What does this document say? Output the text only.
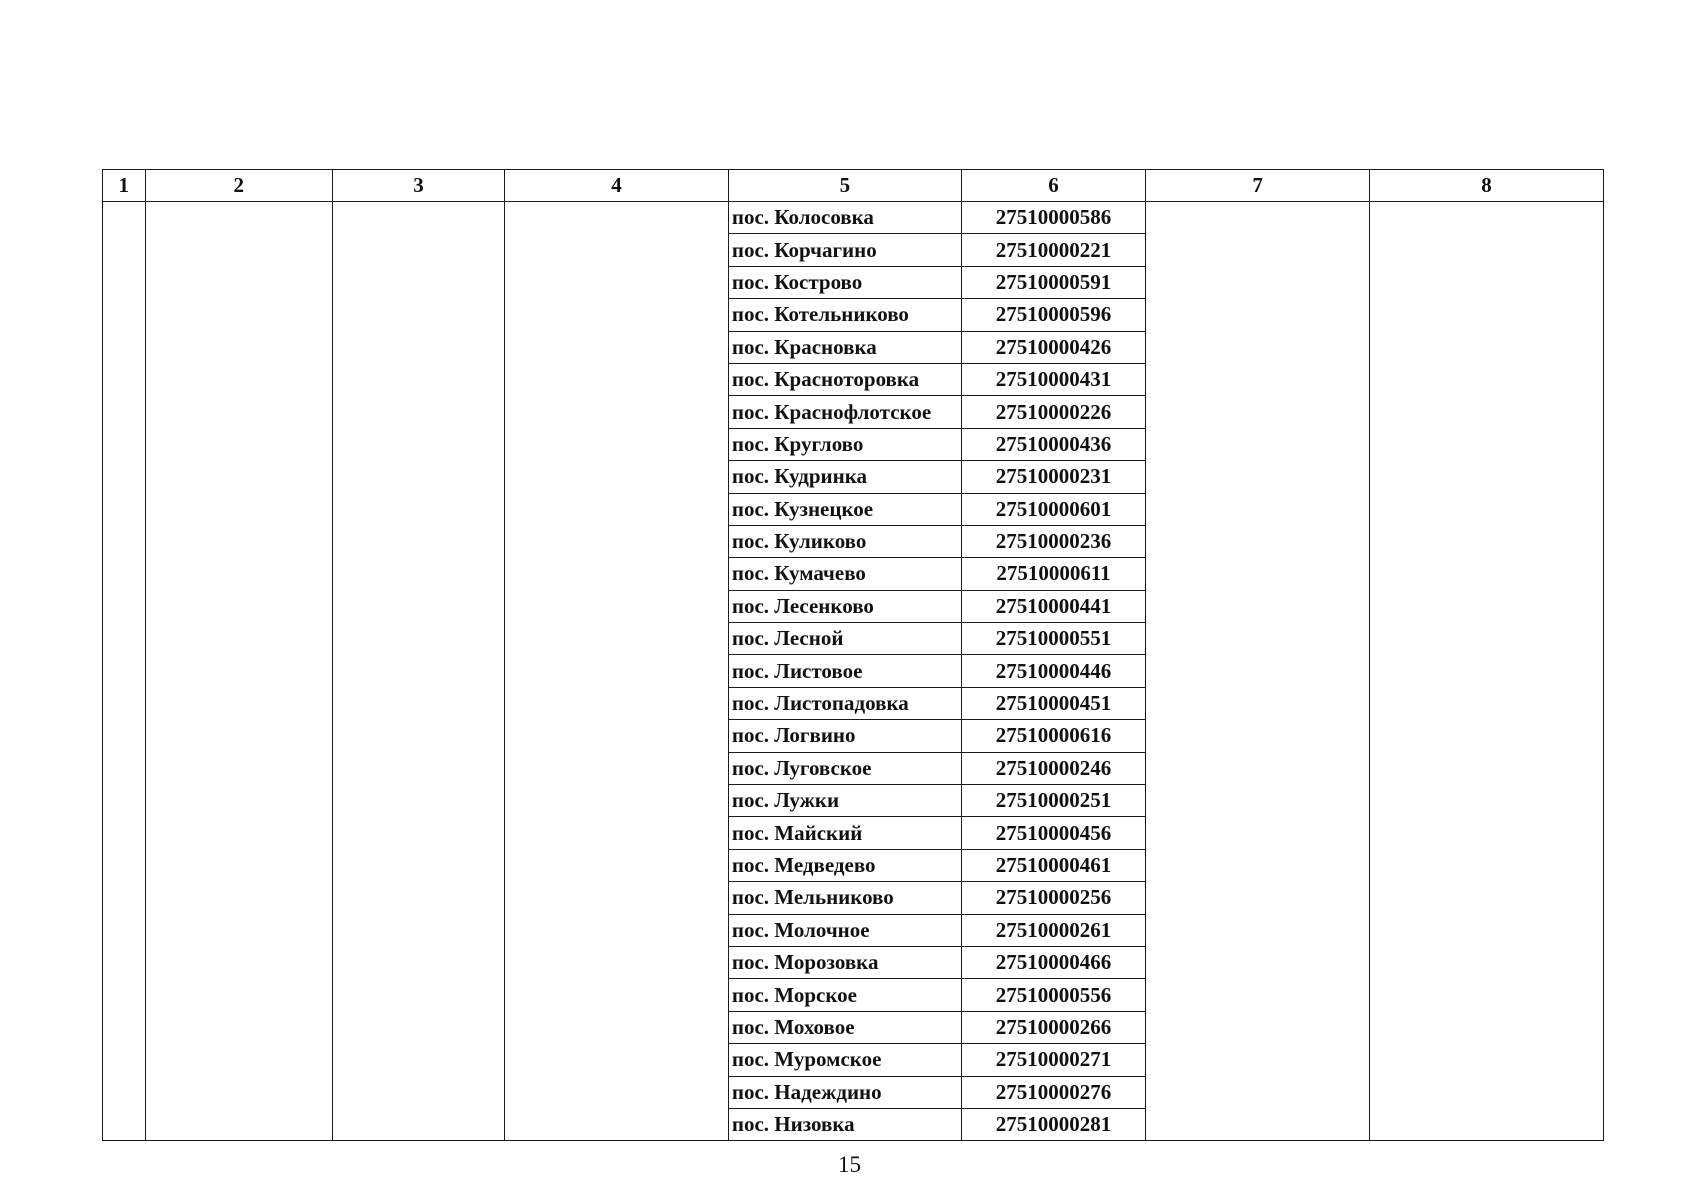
1	2	3	4	5	6	7	8
				пос. Колосовка	27510000586		
				пос. Корчагино	27510000221		
				пос. Кострово	27510000591		
				пос. Котельниково	27510000596		
				пос. Красновка	27510000426		
				пос. Красноторовка	27510000431		
				пос. Краснофлотское	27510000226		
				пос. Круглово	27510000436		
				пос. Кудринка	27510000231		
				пос. Кузнецкое	27510000601		
				пос. Куликово	27510000236		
				пос. Кумачево	27510000611		
				пос. Лесенково	27510000441		
				пос. Лесной	27510000551		
				пос. Листовое	27510000446		
				пос. Листопадовка	27510000451		
				пос. Логвино	27510000616		
				пос. Луговское	27510000246		
				пос. Лужки	27510000251		
				пос. Майский	27510000456		
				пос. Медведево	27510000461		
				пос. Мельниково	27510000256		
				пос. Молочное	27510000261		
				пос. Морозовка	27510000466		
				пос. Морское	27510000556		
				пос. Моховое	27510000266		
				пос. Муромское	27510000271		
				пос. Надеждино	27510000276		
				пос. Низовка	27510000281		
15
